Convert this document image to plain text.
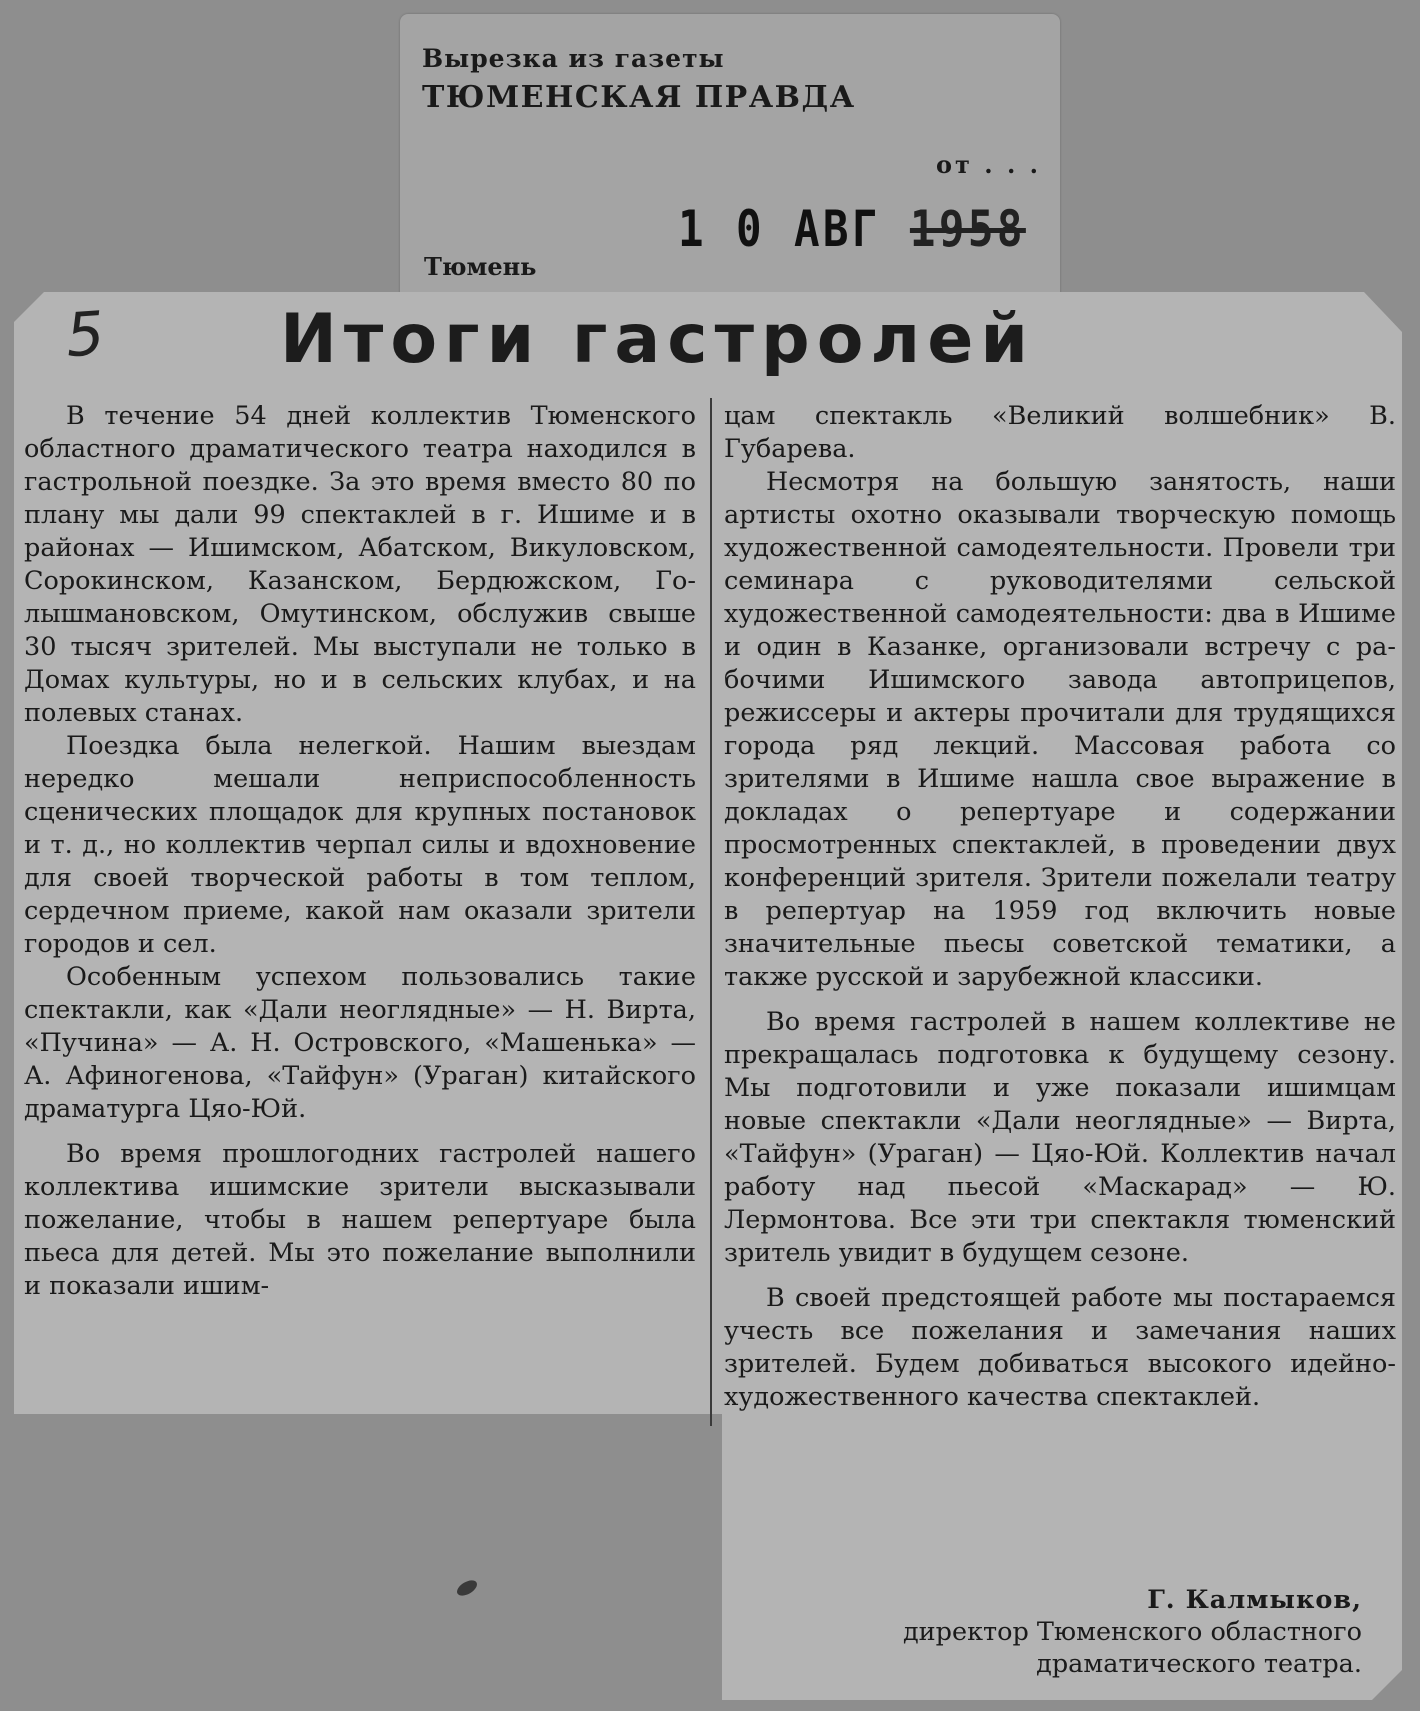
Вырезка из газеты
ТЮМЕНСКАЯ ПРАВДА
от . . .
Тюмень
1 0 АВГ 1958
5	Итоги гастролей

В течение 54 дней коллектив Тюменского областного драматического театра находился в гастрольной поездке. За это время вместо 80 по плану мы дали 99 спектаклей в г. Ишиме и в районах — Ишимском, Абатском, Викуловском, Сорокинском, Казанском, Бердюжском, Голышмановском, Омутинском, обслужив свыше 30 тысяч зрителей. Мы выступали не только в Домах культуры, но и в сельских клубах, и на полевых станах.

Поездка была нелегкой. Нашим выездам нередко мешали неприспособленность сценических площадок для крупных постановок и т. д., но коллектив черпал силы и вдохновение для своей творческой работы в том теплом, сердечном приеме, какой нам оказали зрители городов и сел.

Особенным успехом пользовались такие спектакли, как «Дали неоглядные» — Н. Вирта, «Пучина» — А. Н. Островского, «Машенька» — А. Афиногенова, «Тайфун» (Ураган) китайского драматурга Цяо-Юй.

Во время прошлогодних гастролей нашего коллектива ишимские зрители высказывали пожелание, чтобы в нашем репертуаре была пьеса для детей. Мы это пожелание выполнили и показали ишим-

цам спектакль «Великий волшебник» В. Губарева.

Несмотря на большую занятость, наши артисты охотно оказывали творческую помощь художественной самодеятельности. Провели три семинара с руководителями сельской художественной самодеятельности: два в Ишиме и один в Казанке, организовали встречу с рабочими Ишимского завода автоприцепов, режиссеры и актеры прочитали для трудящихся города ряд лекций. Массовая работа со зрителями в Ишиме нашла свое выражение в докладах о репертуаре и содержании просмотренных спектаклей, в проведении двух конференций зрителя. Зрители пожелали театру в репертуар на 1959 год включить новые значительные пьесы советской тематики, а также русской и зарубежной классики.

Во время гастролей в нашем коллективе не прекращалась подготовка к будущему сезону. Мы подготовили и уже показали ишимцам новые спектакли «Дали неоглядные» — Вирта, «Тайфун» (Ураган) — Цяо-Юй. Коллектив начал работу над пьесой «Маскарад» — Ю. Лермонтова. Все эти три спектакля тюменский зритель увидит в будущем сезоне.

В своей предстоящей работе мы постараемся учесть все пожелания и замечания наших зрителей. Будем добиваться высокого идейно-художественного качества спектаклей.

Г. Калмыков,
директор Тюменского областного
драматического театра.
